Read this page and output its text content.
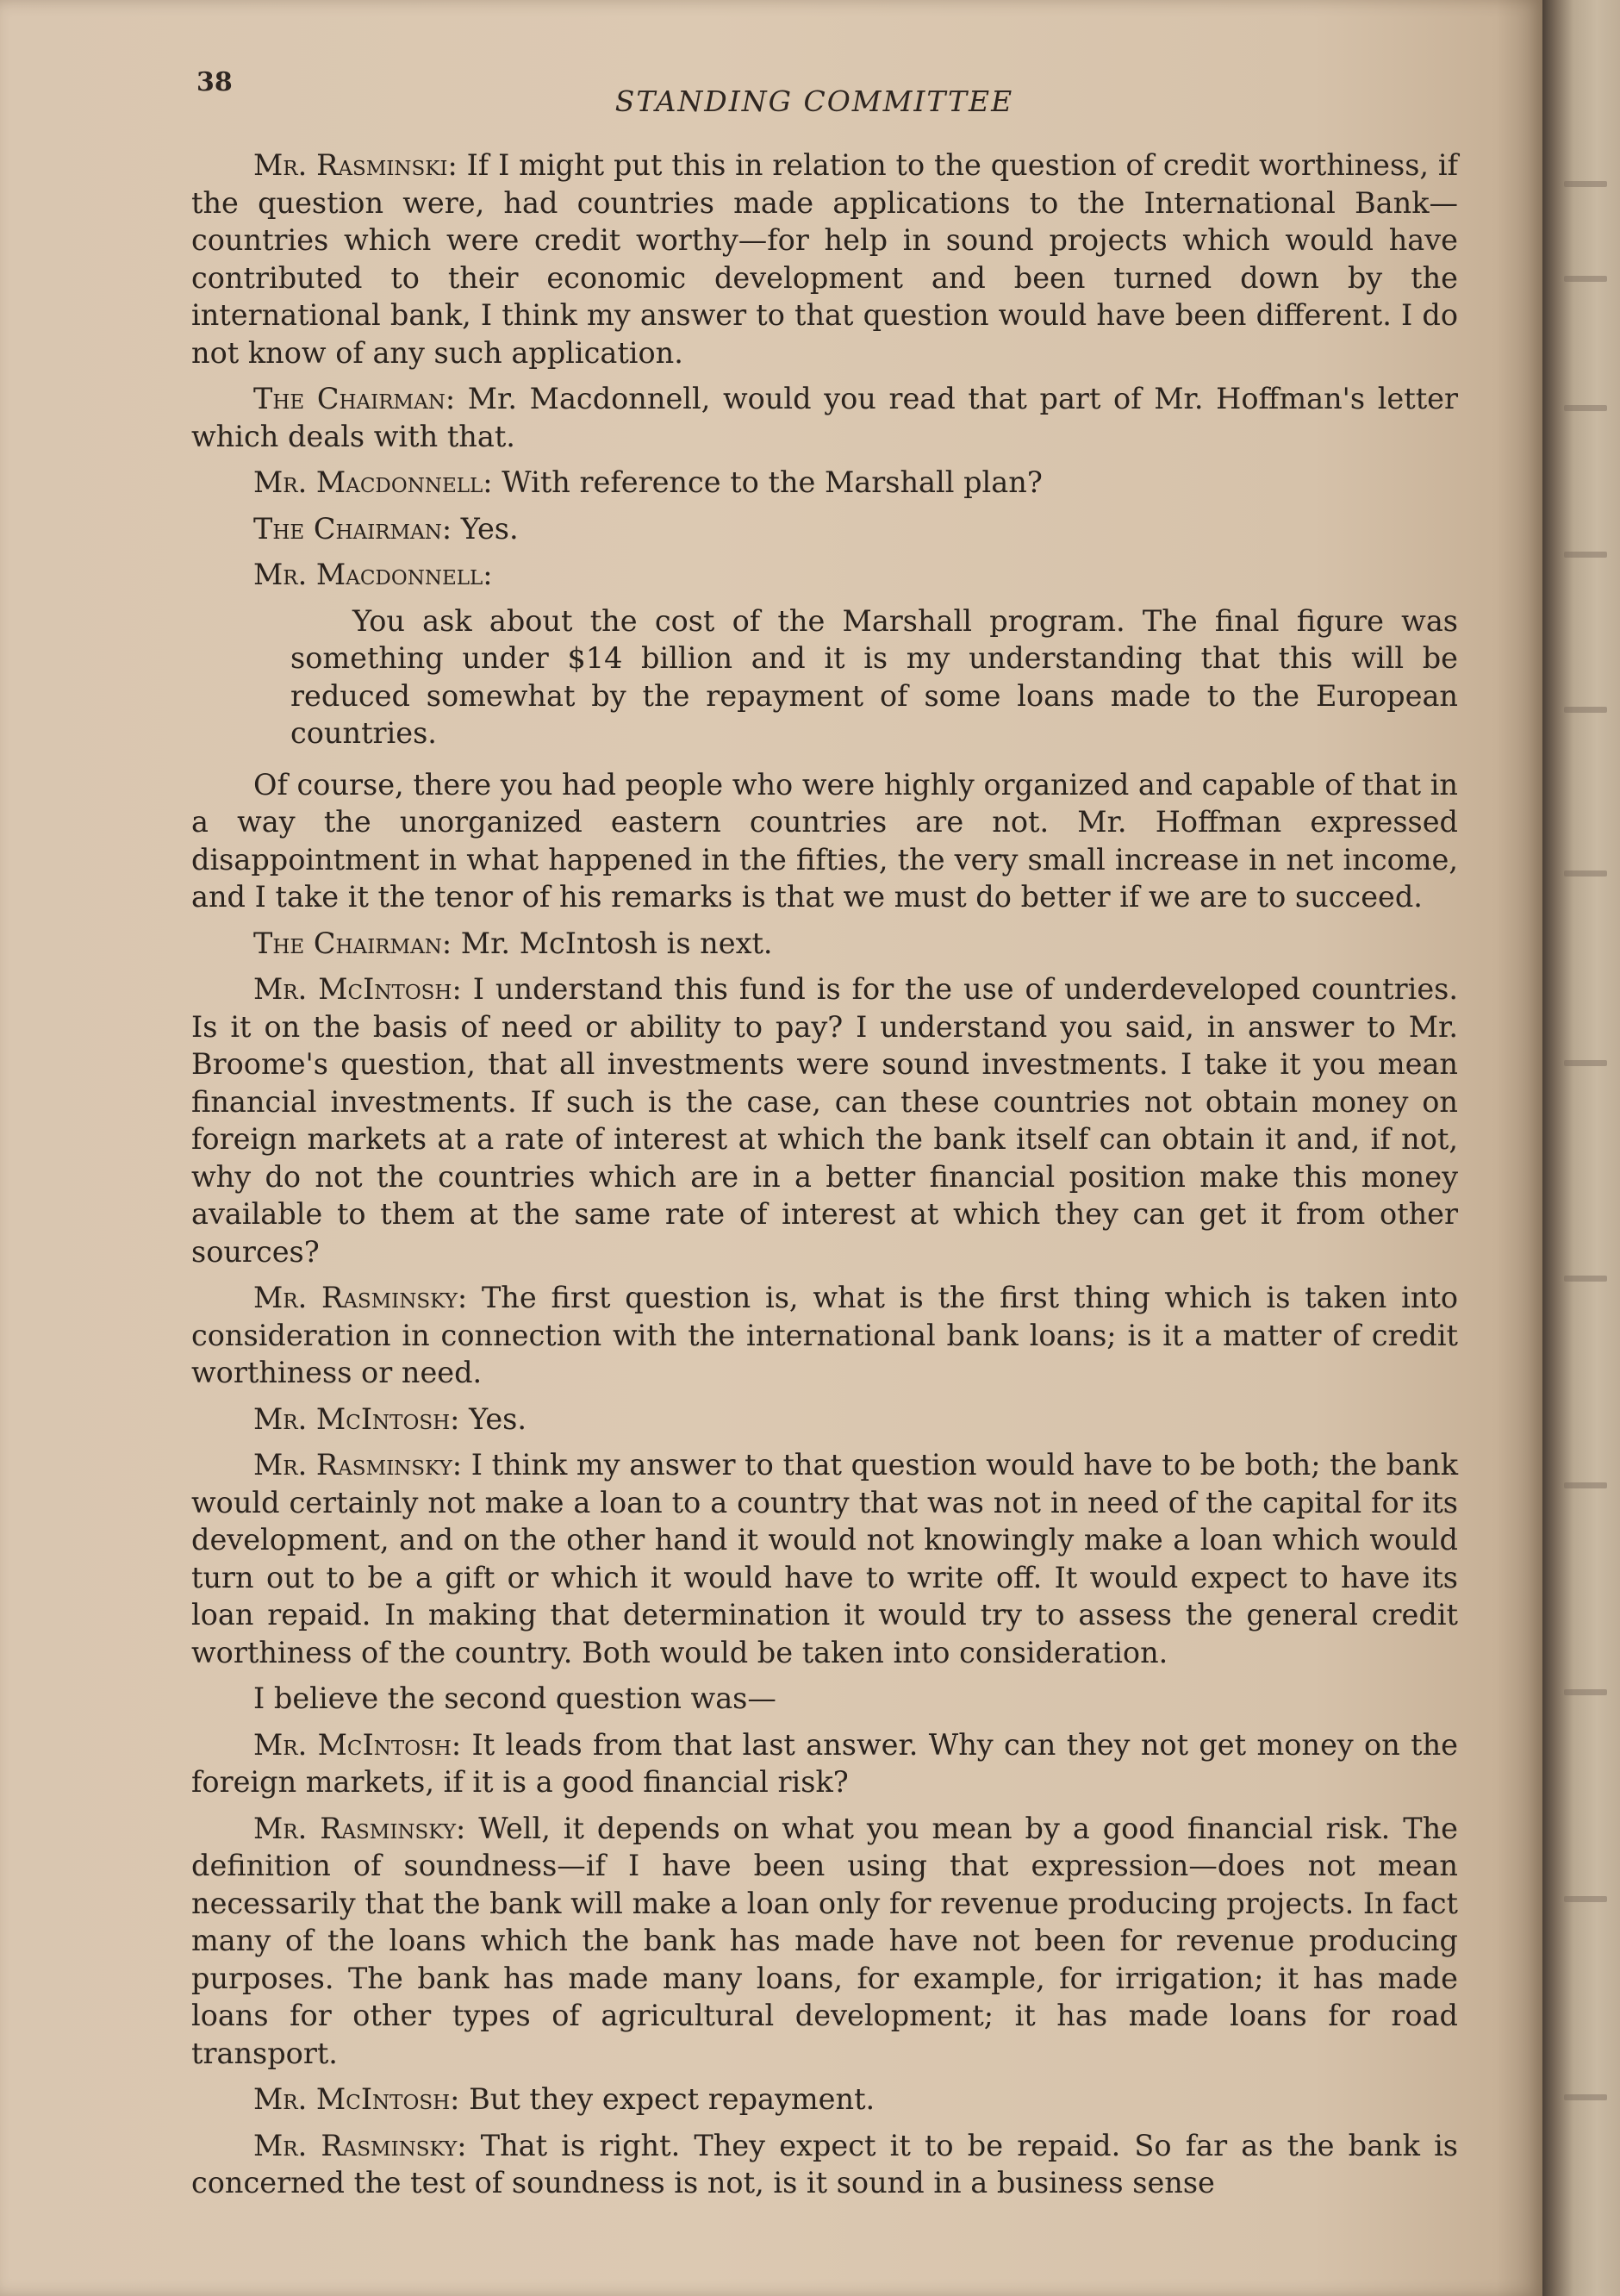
38
STANDING COMMITTEE

Mr. Rasminski: If I might put this in relation to the question of credit worthiness, if the question were, had countries made applications to the International Bank—countries which were credit worthy—for help in sound projects which would have contributed to their economic development and been turned down by the international bank, I think my answer to that question would have been different. I do not know of any such application.

The Chairman: Mr. Macdonnell, would you read that part of Mr. Hoffman's letter which deals with that.

Mr. Macdonnell: With reference to the Marshall plan?

The Chairman: Yes.

Mr. Macdonnell:

You ask about the cost of the Marshall program. The final figure was something under $14 billion and it is my understanding that this will be reduced somewhat by the repayment of some loans made to the European countries.

Of course, there you had people who were highly organized and capable of that in a way the unorganized eastern countries are not. Mr. Hoffman expressed disappointment in what happened in the fifties, the very small increase in net income, and I take it the tenor of his remarks is that we must do better if we are to succeed.

The Chairman: Mr. McIntosh is next.

Mr. McIntosh: I understand this fund is for the use of underdeveloped countries. Is it on the basis of need or ability to pay? I understand you said, in answer to Mr. Broome's question, that all investments were sound investments. I take it you mean financial investments. If such is the case, can these countries not obtain money on foreign markets at a rate of interest at which the bank itself can obtain it and, if not, why do not the countries which are in a better financial position make this money available to them at the same rate of interest at which they can get it from other sources?

Mr. Rasminsky: The first question is, what is the first thing which is taken into consideration in connection with the international bank loans; is it a matter of credit worthiness or need.

Mr. McIntosh: Yes.

Mr. Rasminsky: I think my answer to that question would have to be both; the bank would certainly not make a loan to a country that was not in need of the capital for its development, and on the other hand it would not knowingly make a loan which would turn out to be a gift or which it would have to write off. It would expect to have its loan repaid. In making that determination it would try to assess the general credit worthiness of the country. Both would be taken into consideration.

I believe the second question was—

Mr. McIntosh: It leads from that last answer. Why can they not get money on the foreign markets, if it is a good financial risk?

Mr. Rasminsky: Well, it depends on what you mean by a good financial risk. The definition of soundness—if I have been using that expression—does not mean necessarily that the bank will make a loan only for revenue producing projects. In fact many of the loans which the bank has made have not been for revenue producing purposes. The bank has made many loans, for example, for irrigation; it has made loans for other types of agricultural development; it has made loans for road transport.

Mr. McIntosh: But they expect repayment.

Mr. Rasminsky: That is right. They expect it to be repaid. So far as the bank is concerned the test of soundness is not, is it sound in a business sense
